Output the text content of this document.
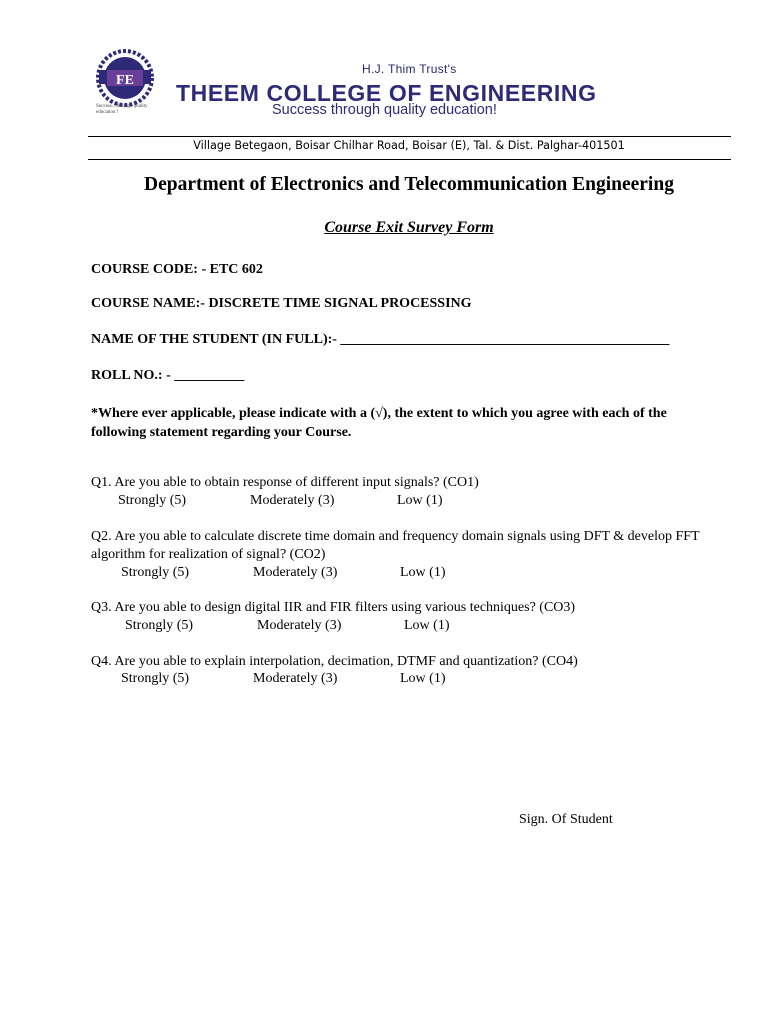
FE
Success... through quality education !
H.J. Thim Trust's
THEEM COLLEGE OF ENGINEERING
Success through quality education!
Village Betegaon, Boisar Chilhar Road, Boisar (E), Tal. & Dist. Palghar-401501
Department of Electronics and Telecommunication Engineering
Course Exit Survey Form
COURSE CODE: - ETC 602
COURSE NAME:- DISCRETE TIME SIGNAL PROCESSING
NAME OF THE STUDENT (IN FULL):- _______________________________________________
ROLL NO.: - __________
*Where ever applicable, please indicate with a (√), the extent to which you agree with each of the following statement regarding your Course.
Q1. Are you able to obtain response of different input signals? (CO1)
Strongly (5)	Moderately (3)	Low (1)
Q2. Are you able to calculate discrete time domain and frequency domain signals using DFT & develop FFT algorithm for realization of signal? (CO2)
Strongly (5)	Moderately (3)	Low (1)
Q3. Are you able to design digital IIR and FIR filters using various techniques? (CO3)
Strongly (5)	Moderately (3)	Low (1)
Q4. Are you able to explain interpolation, decimation, DTMF and quantization? (CO4)
Strongly (5)	Moderately (3)	Low (1)
Sign. Of Student
